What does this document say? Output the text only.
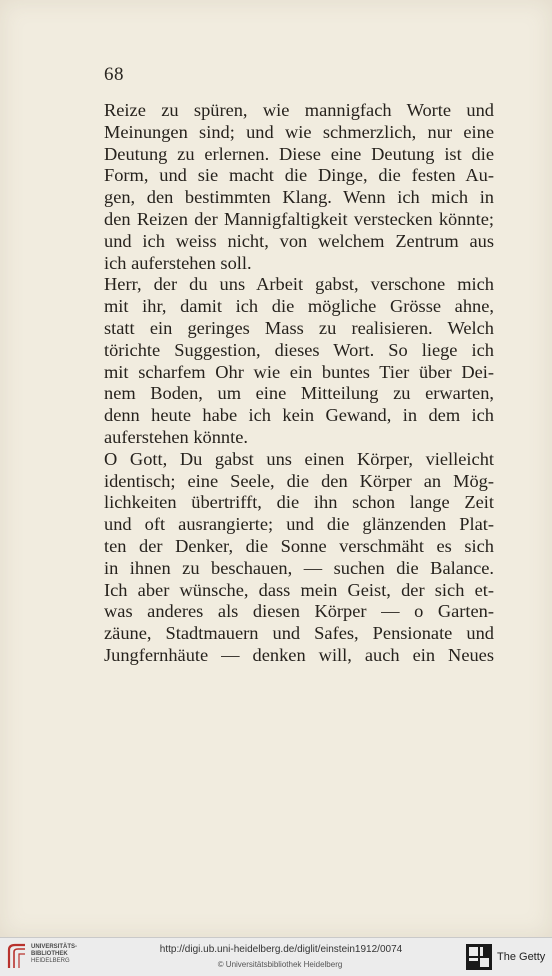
68
Reize zu spüren, wie mannigfach Worte und
Meinungen sind; und wie schmerzlich, nur eine
Deutung zu erlernen. Diese eine Deutung ist die
Form, und sie macht die Dinge, die festen Au-
gen, den bestimmten Klang. Wenn ich mich in
den Reizen der Mannigfaltigkeit verstecken könnte;
und ich weiss nicht, von welchem Zentrum aus
ich auferstehen soll.
Herr, der du uns Arbeit gabst, verschone mich
mit ihr, damit ich die mögliche Grösse ahne,
statt ein geringes Mass zu realisieren. Welch
törichte Suggestion, dieses Wort. So liege ich
mit scharfem Ohr wie ein buntes Tier über Dei-
nem Boden, um eine Mitteilung zu erwarten,
denn heute habe ich kein Gewand, in dem ich
auferstehen könnte.
O Gott, Du gabst uns einen Körper, vielleicht
identisch; eine Seele, die den Körper an Mög-
lichkeiten übertrifft, die ihn schon lange Zeit
und oft ausrangierte; und die glänzenden Plat-
ten der Denker, die Sonne verschmäht es sich
in ihnen zu beschauen, — suchen die Balance.
Ich aber wünsche, dass mein Geist, der sich et-
was anderes als diesen Körper — o Garten-
zäune, Stadtmauern und Safes, Pensionate und
Jungfernhäute — denken will, auch ein Neues
UNIVERSITÄTS-
BIBLIOTHEK
HEIDELBERG
http://digi.ub.uni-heidelberg.de/diglit/einstein1912/0074
© Universitätsbibliothek Heidelberg
The Getty
